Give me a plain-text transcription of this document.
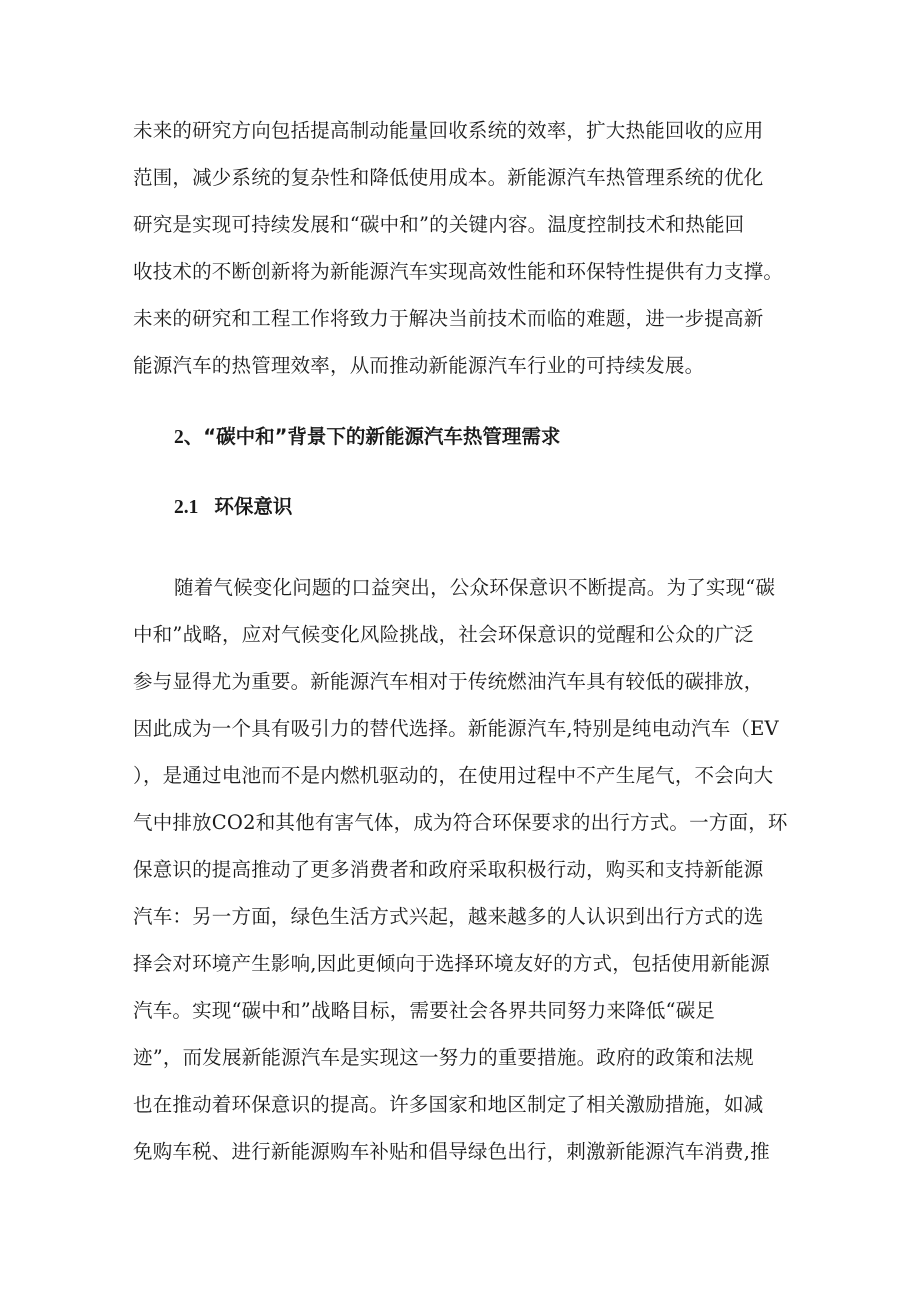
未来的研究方向包括提高制动能量回收系统的效率，扩大热能回收的应用
范围，减少系统的复杂性和降低使用成本。新能源汽车热管理系统的优化
研究是实现可持续发展和“碳中和”的关键内容。温度控制技术和热能回
收技术的不断创新将为新能源汽车实现高效性能和环保特性提供有力支撑。
未来的研究和工程工作将致力于解决当前技术而临的难题，进一步提高新
能源汽车的热管理效率，从而推动新能源汽车行业的可持续发展。
2、“碳中和”背景下的新能源汽车热管理需求
2.1 环保意识
随着气候变化问题的口益突出，公众环保意识不断提高。为了实现“碳
中和”战略，应对气候变化风险挑战，社会环保意识的觉醒和公众的广泛
参与显得尤为重要。新能源汽车相对于传统燃油汽车具有较低的碳排放，
因此成为一个具有吸引力的替代选择。新能源汽车,特别是纯电动汽车（EV
），是通过电池而不是内燃机驱动的，在使用过程中不产生尾气，不会向大
气中排放CO2和其他有害气体，成为符合环保要求的出行方式。一方面，环
保意识的提高推动了更多消费者和政府采取积极行动，购买和支持新能源
汽车：另一方面，绿色生活方式兴起，越来越多的人认识到出行方式的选
择会对环境产生影响,因此更倾向于选择环境友好的方式，包括使用新能源
汽车。实现“碳中和”战略目标，需要社会各界共同努力来降低“碳足
迹”，而发展新能源汽车是实现这一努力的重要措施。政府的政策和法规
也在推动着环保意识的提高。许多国家和地区制定了相关激励措施，如减
免购车税、进行新能源购车补贴和倡导绿色出行，刺激新能源汽车消费,推
